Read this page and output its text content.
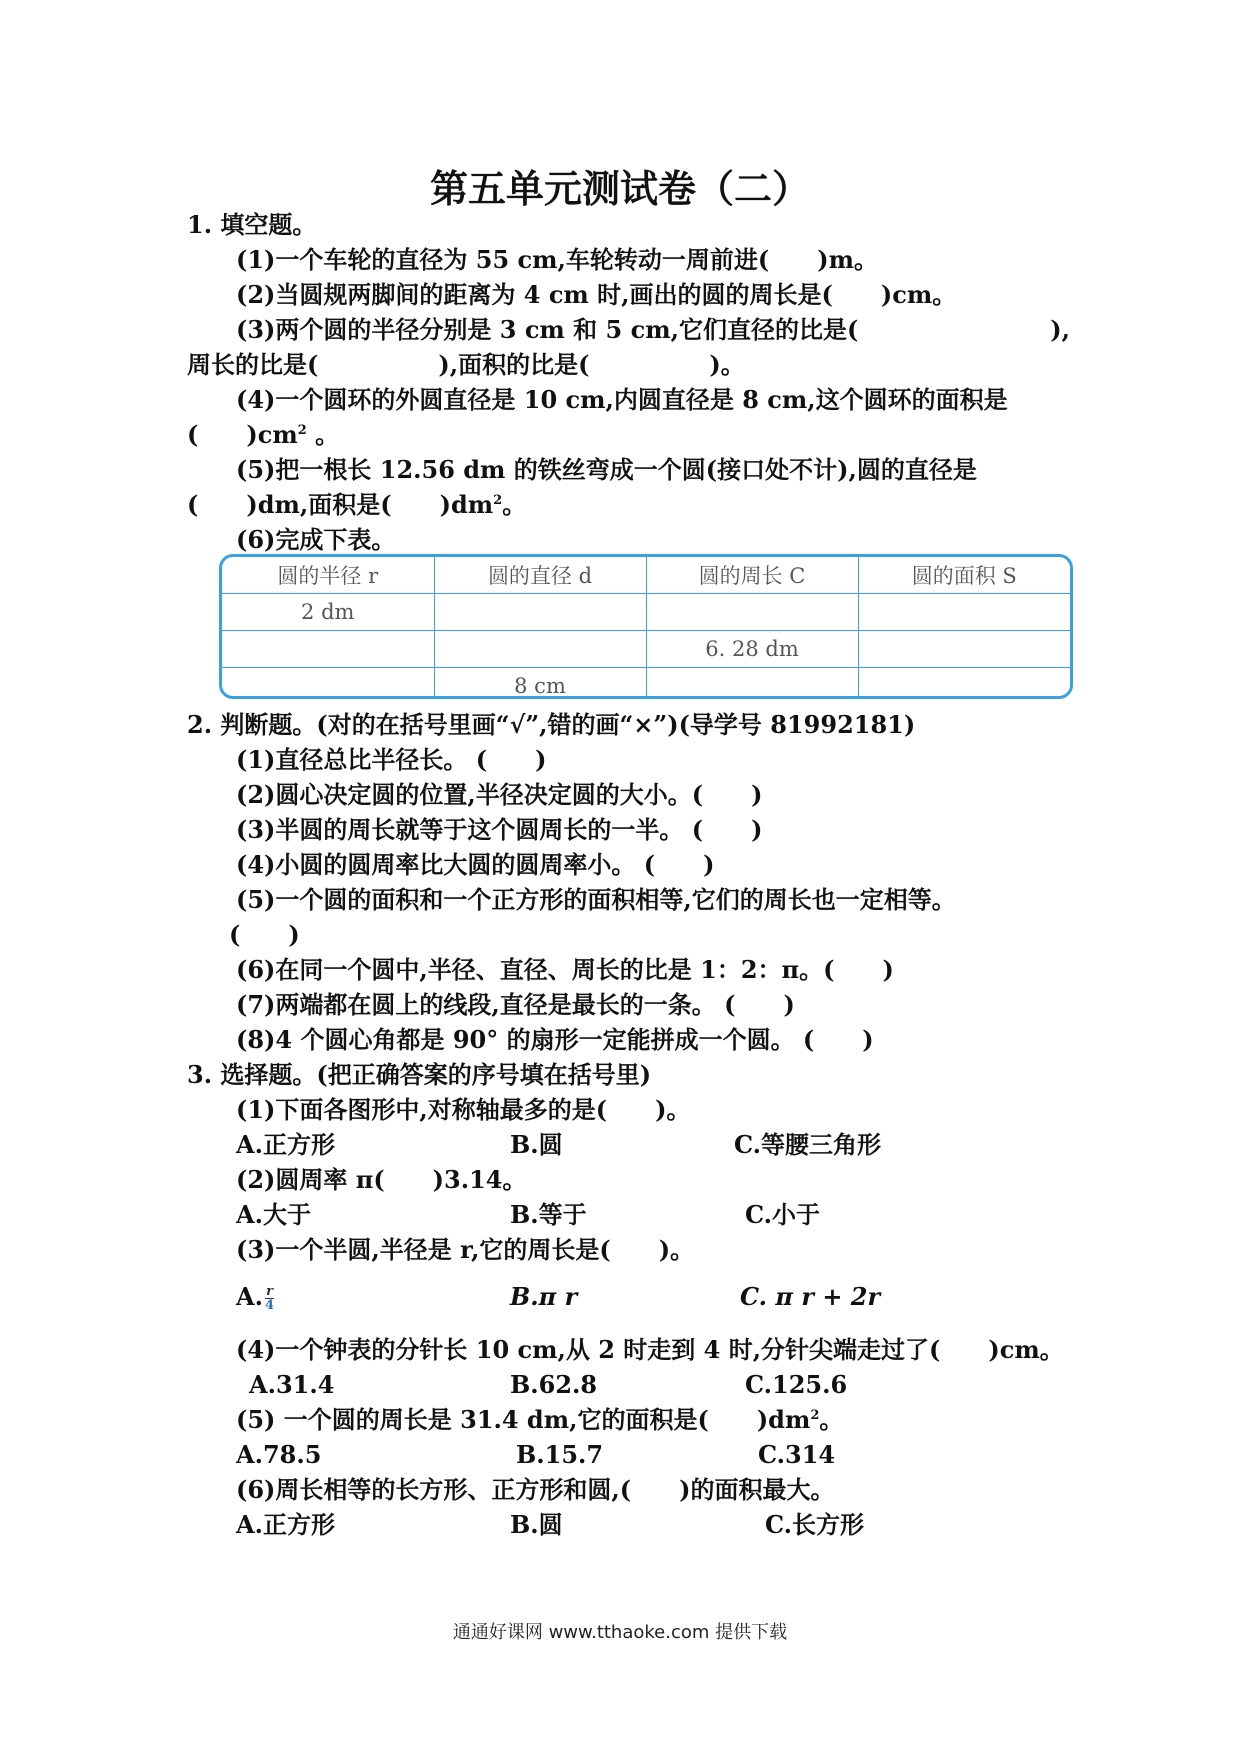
第五单元测试卷（二）
1. 填空题。
(1)一个车轮的直径为 55 cm,车轮转动一周前进(　　)m。
(2)当圆规两脚间的距离为 4 cm 时,画出的圆的周长是(　　)cm。
(3)两个圆的半径分别是 3 cm 和 5 cm,它们直径的比是(　　　　　　　　),
周长的比是(　　　　　),面积的比是(　　　　　)。
(4)一个圆环的外圆直径是 10 cm,内圆直径是 8 cm,这个圆环的面积是
(　　)$cm^2$ 。
(5)把一根长 12.56 dm 的铁丝弯成一个圆(接口处不计),圆的直径是
(　　)dm,面积是(　　)$dm^2$。
(6)完成下表。
圆的半径 r	圆的直径 d	圆的周长 C	圆的面积 S
2 dm			
		6. 28 dm	
	8 cm		
2. 判断题。(对的在括号里画“√”,错的画“×”)(导学号 81992181)
(1)直径总比半径长。 (　　)
(2)圆心决定圆的位置,半径决定圆的大小。(　　)
(3)半圆的周长就等于这个圆周长的一半。 (　　)
(4)小圆的圆周率比大圆的圆周率小。 (　　)
(5)一个圆的面积和一个正方形的面积相等,它们的周长也一定相等。
(　　)
(6)在同一个圆中,半径、直径、周长的比是 1：2：π。(　　)
(7)两端都在圆上的线段,直径是最长的一条。 (　　)
(8)4 个圆心角都是 90° 的扇形一定能拼成一个圆。 (　　)
3. 选择题。(把正确答案的序号填在括号里)
(1)下面各图形中,对称轴最多的是(　　)。
A.正方形	B.圆	C.等腰三角形
(2)圆周率 π(　　)3.14。
A.大于	B.等于	C.小于
(3)一个半圆,半径是 r,它的周长是(　　)。
A. $\frac{r}{4}$	B.π r	C. π r + 2r
(4)一个钟表的分针长 10 cm,从 2 时走到 4 时,分针尖端走过了(　　)cm。
A.31.4	B.62.8	C.125.6
(5) 一个圆的周长是 31.4 dm,它的面积是(　　)$dm^2$。
A.78.5	B.15.7	C.314
(6)周长相等的长方形、正方形和圆,(　　)的面积最大。
A.正方形	B.圆	C.长方形
通通好课网 www.tthaoke.com 提供下载
